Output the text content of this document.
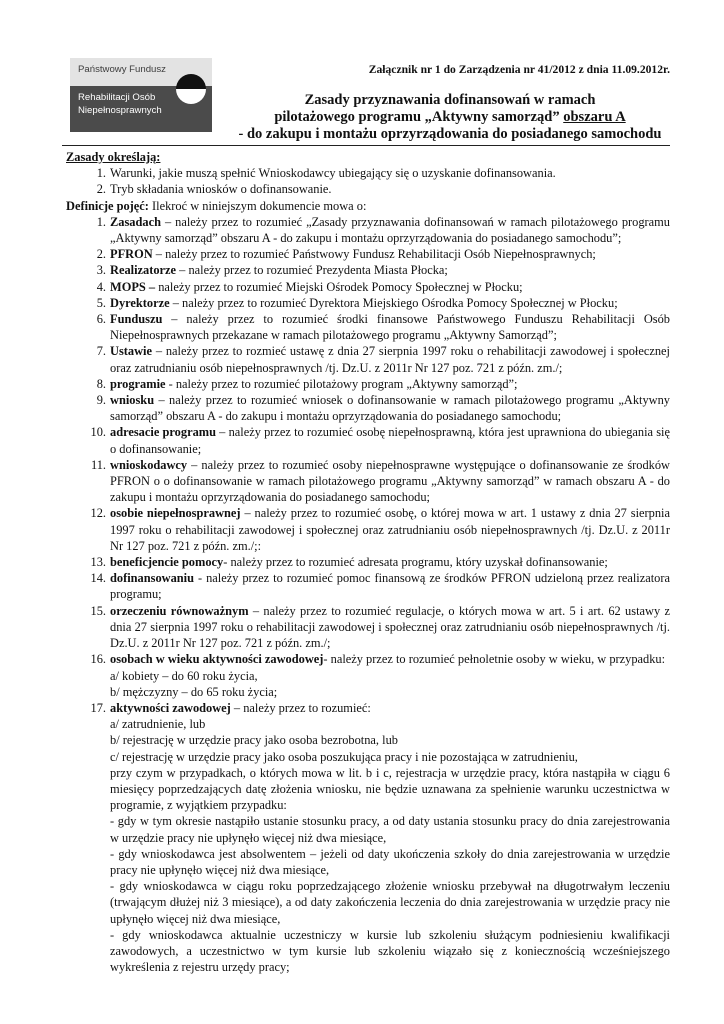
Załącznik nr 1 do Zarządzenia nr 41/2012 z dnia 11.09.2012r.
Państwowy Fundusz
Rehabilitacji Osób
Niepełnosprawnych
Zasady przyznawania dofinansowań w ramach
pilotażowego programu „Aktywny samorząd” obszaru A
- do zakupu i montażu oprzyrządowania do posiadanego samochodu

Zasady określają:

1. Warunki, jakie muszą spełnić Wnioskodawcy ubiegający się o uzyskanie dofinansowania.
2. Tryb składania wniosków o dofinansowanie.

Definicje pojęć: Ilekroć w niniejszym dokumencie mowa o:

1. Zasadach – należy przez to rozumieć „Zasady przyznawania dofinansowań w ramach pilotażowego programu „Aktywny samorząd” obszaru A - do zakupu i montażu oprzyrządowania do posiadanego samochodu”;
2. PFRON – należy przez to rozumieć Państwowy Fundusz Rehabilitacji Osób Niepełnosprawnych;
3. Realizatorze – należy przez to rozumieć Prezydenta Miasta Płocka;
4. MOPS – należy przez to rozumieć Miejski Ośrodek Pomocy Społecznej w Płocku;
5. Dyrektorze – należy przez to rozumieć Dyrektora Miejskiego Ośrodka Pomocy Społecznej w Płocku;
6. Funduszu – należy przez to rozumieć środki finansowe Państwowego Funduszu Rehabilitacji Osób Niepełnosprawnych przekazane w ramach pilotażowego programu „Aktywny Samorząd”;
7. Ustawie – należy przez to rozmieć ustawę z dnia 27 sierpnia 1997 roku o rehabilitacji zawodowej i społecznej oraz zatrudnianiu osób niepełnosprawnych /tj. Dz.U. z 2011r Nr 127 poz. 721 z późn. zm./;
8. programie - należy przez to rozumieć pilotażowy program „Aktywny samorząd”;
9. wniosku – należy przez to rozumieć wniosek o dofinansowanie w ramach pilotażowego programu „Aktywny samorząd” obszaru A - do zakupu i montażu oprzyrządowania do posiadanego samochodu;
10. adresacie programu – należy przez to rozumieć osobę niepełnosprawną, która jest uprawniona do ubiegania się o dofinansowanie;
11. wnioskodawcy – należy przez to rozumieć osoby niepełnosprawne występujące o dofinansowanie ze środków PFRON o o dofinansowanie w ramach pilotażowego programu „Aktywny samorząd” w ramach obszaru A - do zakupu i montażu oprzyrządowania do posiadanego samochodu;
12. osobie niepełnosprawnej – należy przez to rozumieć osobę, o której mowa w art. 1 ustawy z dnia 27 sierpnia 1997 roku o rehabilitacji zawodowej i społecznej oraz zatrudnianiu osób niepełnosprawnych /tj. Dz.U. z 2011r Nr 127 poz. 721 z późn. zm./;:
13. beneficjencie pomocy- należy przez to rozumieć adresata programu, który uzyskał dofinansowanie;
14. dofinansowaniu - należy przez to rozumieć pomoc finansową ze środków PFRON udzieloną przez realizatora programu;
15. orzeczeniu równoważnym – należy przez to rozumieć regulacje, o których mowa w art. 5 i art. 62 ustawy z dnia 27 sierpnia 1997 roku o rehabilitacji zawodowej i społecznej oraz zatrudnianiu osób niepełnosprawnych /tj. Dz.U. z 2011r Nr 127 poz. 721 z późn. zm./;
16. osobach w wieku aktywności zawodowej- należy przez to rozumieć pełnoletnie osoby w wieku, w przypadku:
a/ kobiety – do 60 roku życia,
b/ mężczyzny – do 65 roku życia;
17. aktywności zawodowej – należy przez to rozumieć:
a/ zatrudnienie, lub
b/ rejestrację w urzędzie pracy jako osoba bezrobotna, lub
c/ rejestrację w urzędzie pracy jako osoba poszukująca pracy i nie pozostająca w zatrudnieniu,
przy czym w przypadkach, o których mowa w lit. b i c, rejestracja w urzędzie pracy, która nastąpiła w ciągu 6 miesięcy poprzedzających datę złożenia wniosku, nie będzie uznawana za spełnienie warunku uczestnictwa w programie, z wyjątkiem przypadku:
- gdy w tym okresie nastąpiło ustanie stosunku pracy, a od daty ustania stosunku pracy do dnia zarejestrowania w urzędzie pracy nie upłynęło więcej niż dwa miesiące,
- gdy wnioskodawca jest absolwentem – jeżeli od daty ukończenia szkoły do dnia zarejestrowania w urzędzie pracy nie upłynęło więcej niż dwa miesiące,
- gdy wnioskodawca w ciągu roku poprzedzającego złożenie wniosku przebywał na długotrwałym leczeniu (trwającym dłużej niż 3 miesiące), a od daty zakończenia leczenia do dnia zarejestrowania w urzędzie pracy nie upłynęło więcej niż dwa miesiące,
- gdy wnioskodawca aktualnie uczestniczy w kursie lub szkoleniu służącym podniesieniu kwalifikacji zawodowych, a uczestnictwo w tym kursie lub szkoleniu wiązało się z koniecznością wcześniejszego wykreślenia z rejestru urzędy pracy;
